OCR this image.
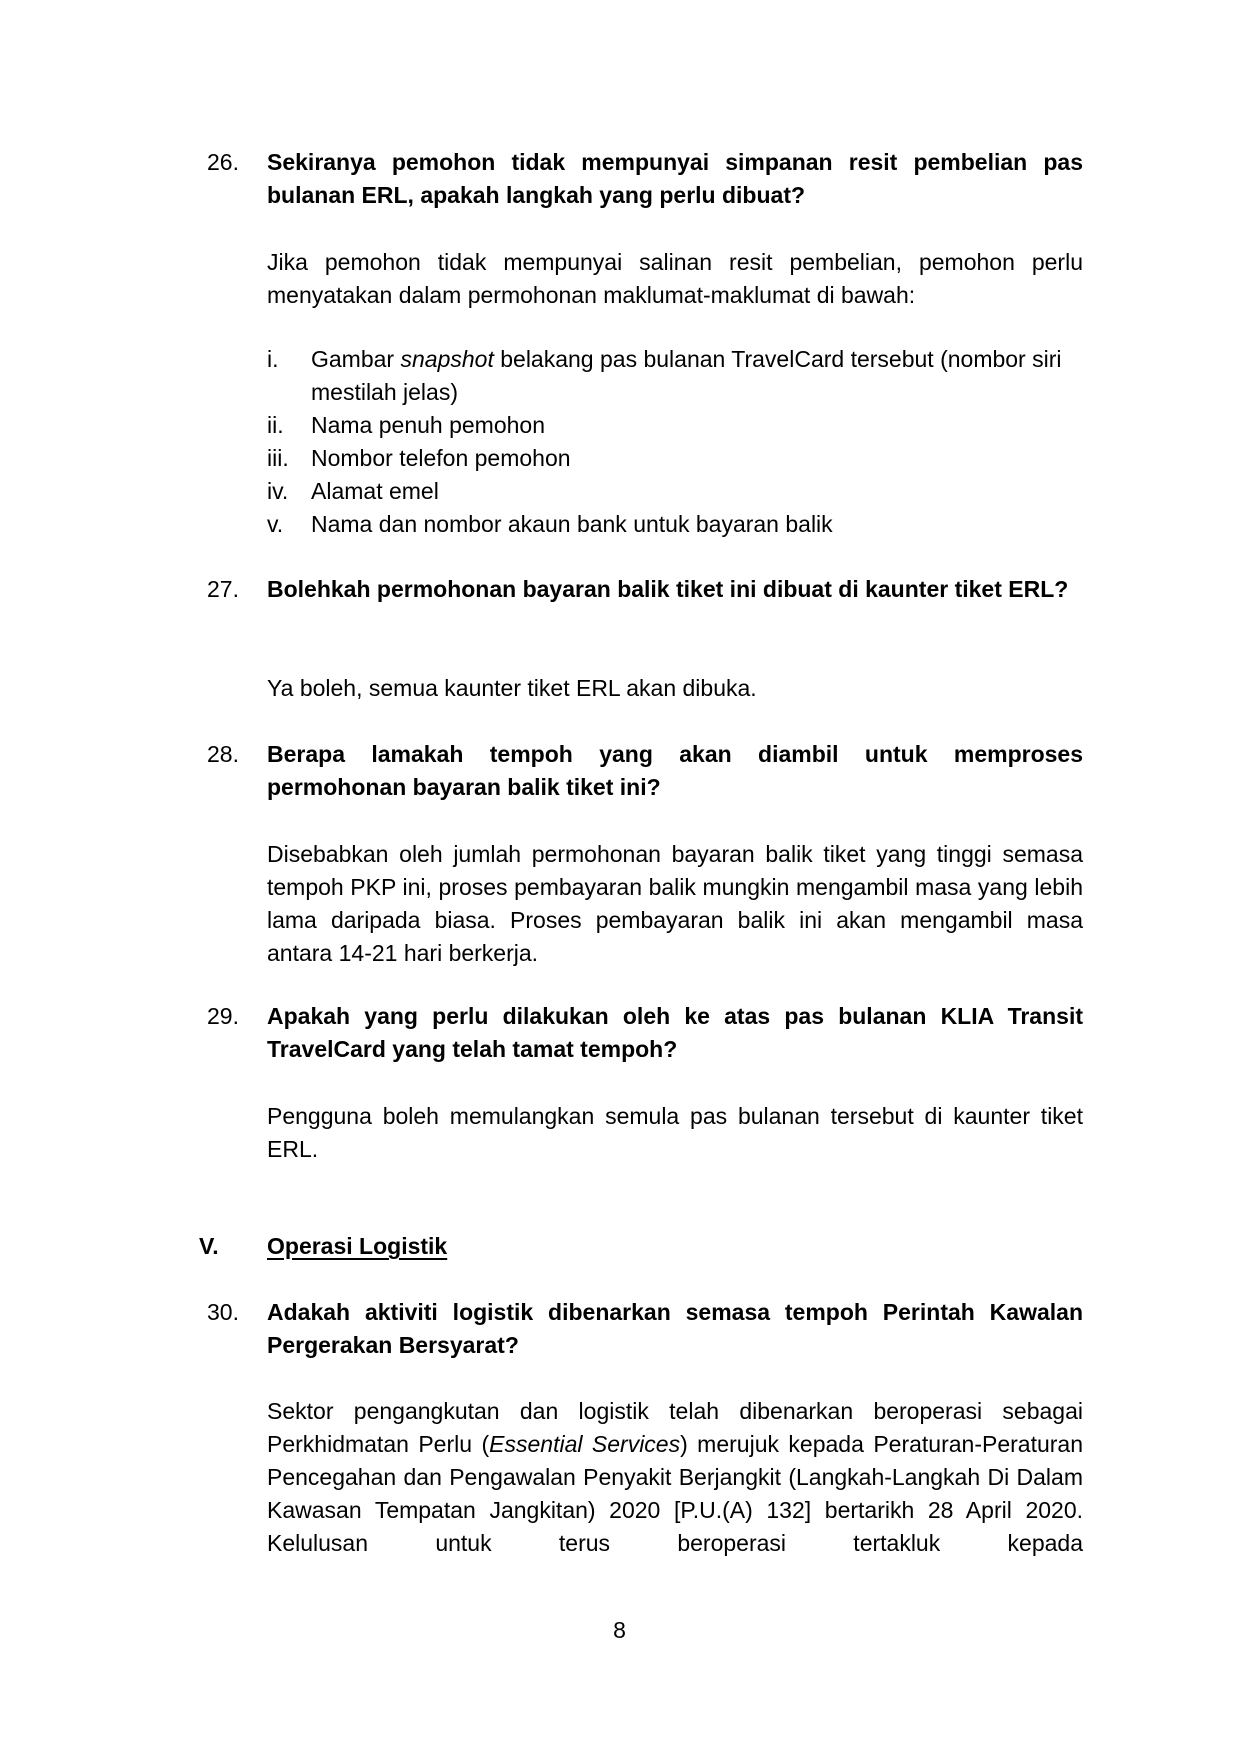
26.	Sekiranya pemohon tidak mempunyai simpanan resit pembelian pas bulanan ERL, apakah langkah yang perlu dibuat?
Jika pemohon tidak mempunyai salinan resit pembelian, pemohon perlu menyatakan dalam permohonan maklumat-maklumat di bawah:
i. Gambar snapshot belakang pas bulanan TravelCard tersebut (nombor siri mestilah jelas)
ii. Nama penuh pemohon
iii. Nombor telefon pemohon
iv. Alamat emel
v. Nama dan nombor akaun bank untuk bayaran balik
27.	Bolehkah permohonan bayaran balik tiket ini dibuat di kaunter tiket ERL?
Ya boleh, semua kaunter tiket ERL akan dibuka.
28.	Berapa lamakah tempoh yang akan diambil untuk memproses permohonan bayaran balik tiket ini?
Disebabkan oleh jumlah permohonan bayaran balik tiket yang tinggi semasa tempoh PKP ini, proses pembayaran balik mungkin mengambil masa yang lebih lama daripada biasa. Proses pembayaran balik ini akan mengambil masa antara 14-21 hari berkerja.
29.	Apakah yang perlu dilakukan oleh ke atas pas bulanan KLIA Transit TravelCard yang telah tamat tempoh?
Pengguna boleh memulangkan semula pas bulanan tersebut di kaunter tiket ERL.
V. Operasi Logistik
30.	Adakah aktiviti logistik dibenarkan semasa tempoh Perintah Kawalan Pergerakan Bersyarat?
Sektor pengangkutan dan logistik telah dibenarkan beroperasi sebagai Perkhidmatan Perlu (Essential Services) merujuk kepada Peraturan-Peraturan Pencegahan dan Pengawalan Penyakit Berjangkit (Langkah-Langkah Di Dalam Kawasan Tempatan Jangkitan) 2020 [P.U.(A) 132] bertarikh 28 April 2020. Kelulusan untuk terus beroperasi tertakluk kepada
8
